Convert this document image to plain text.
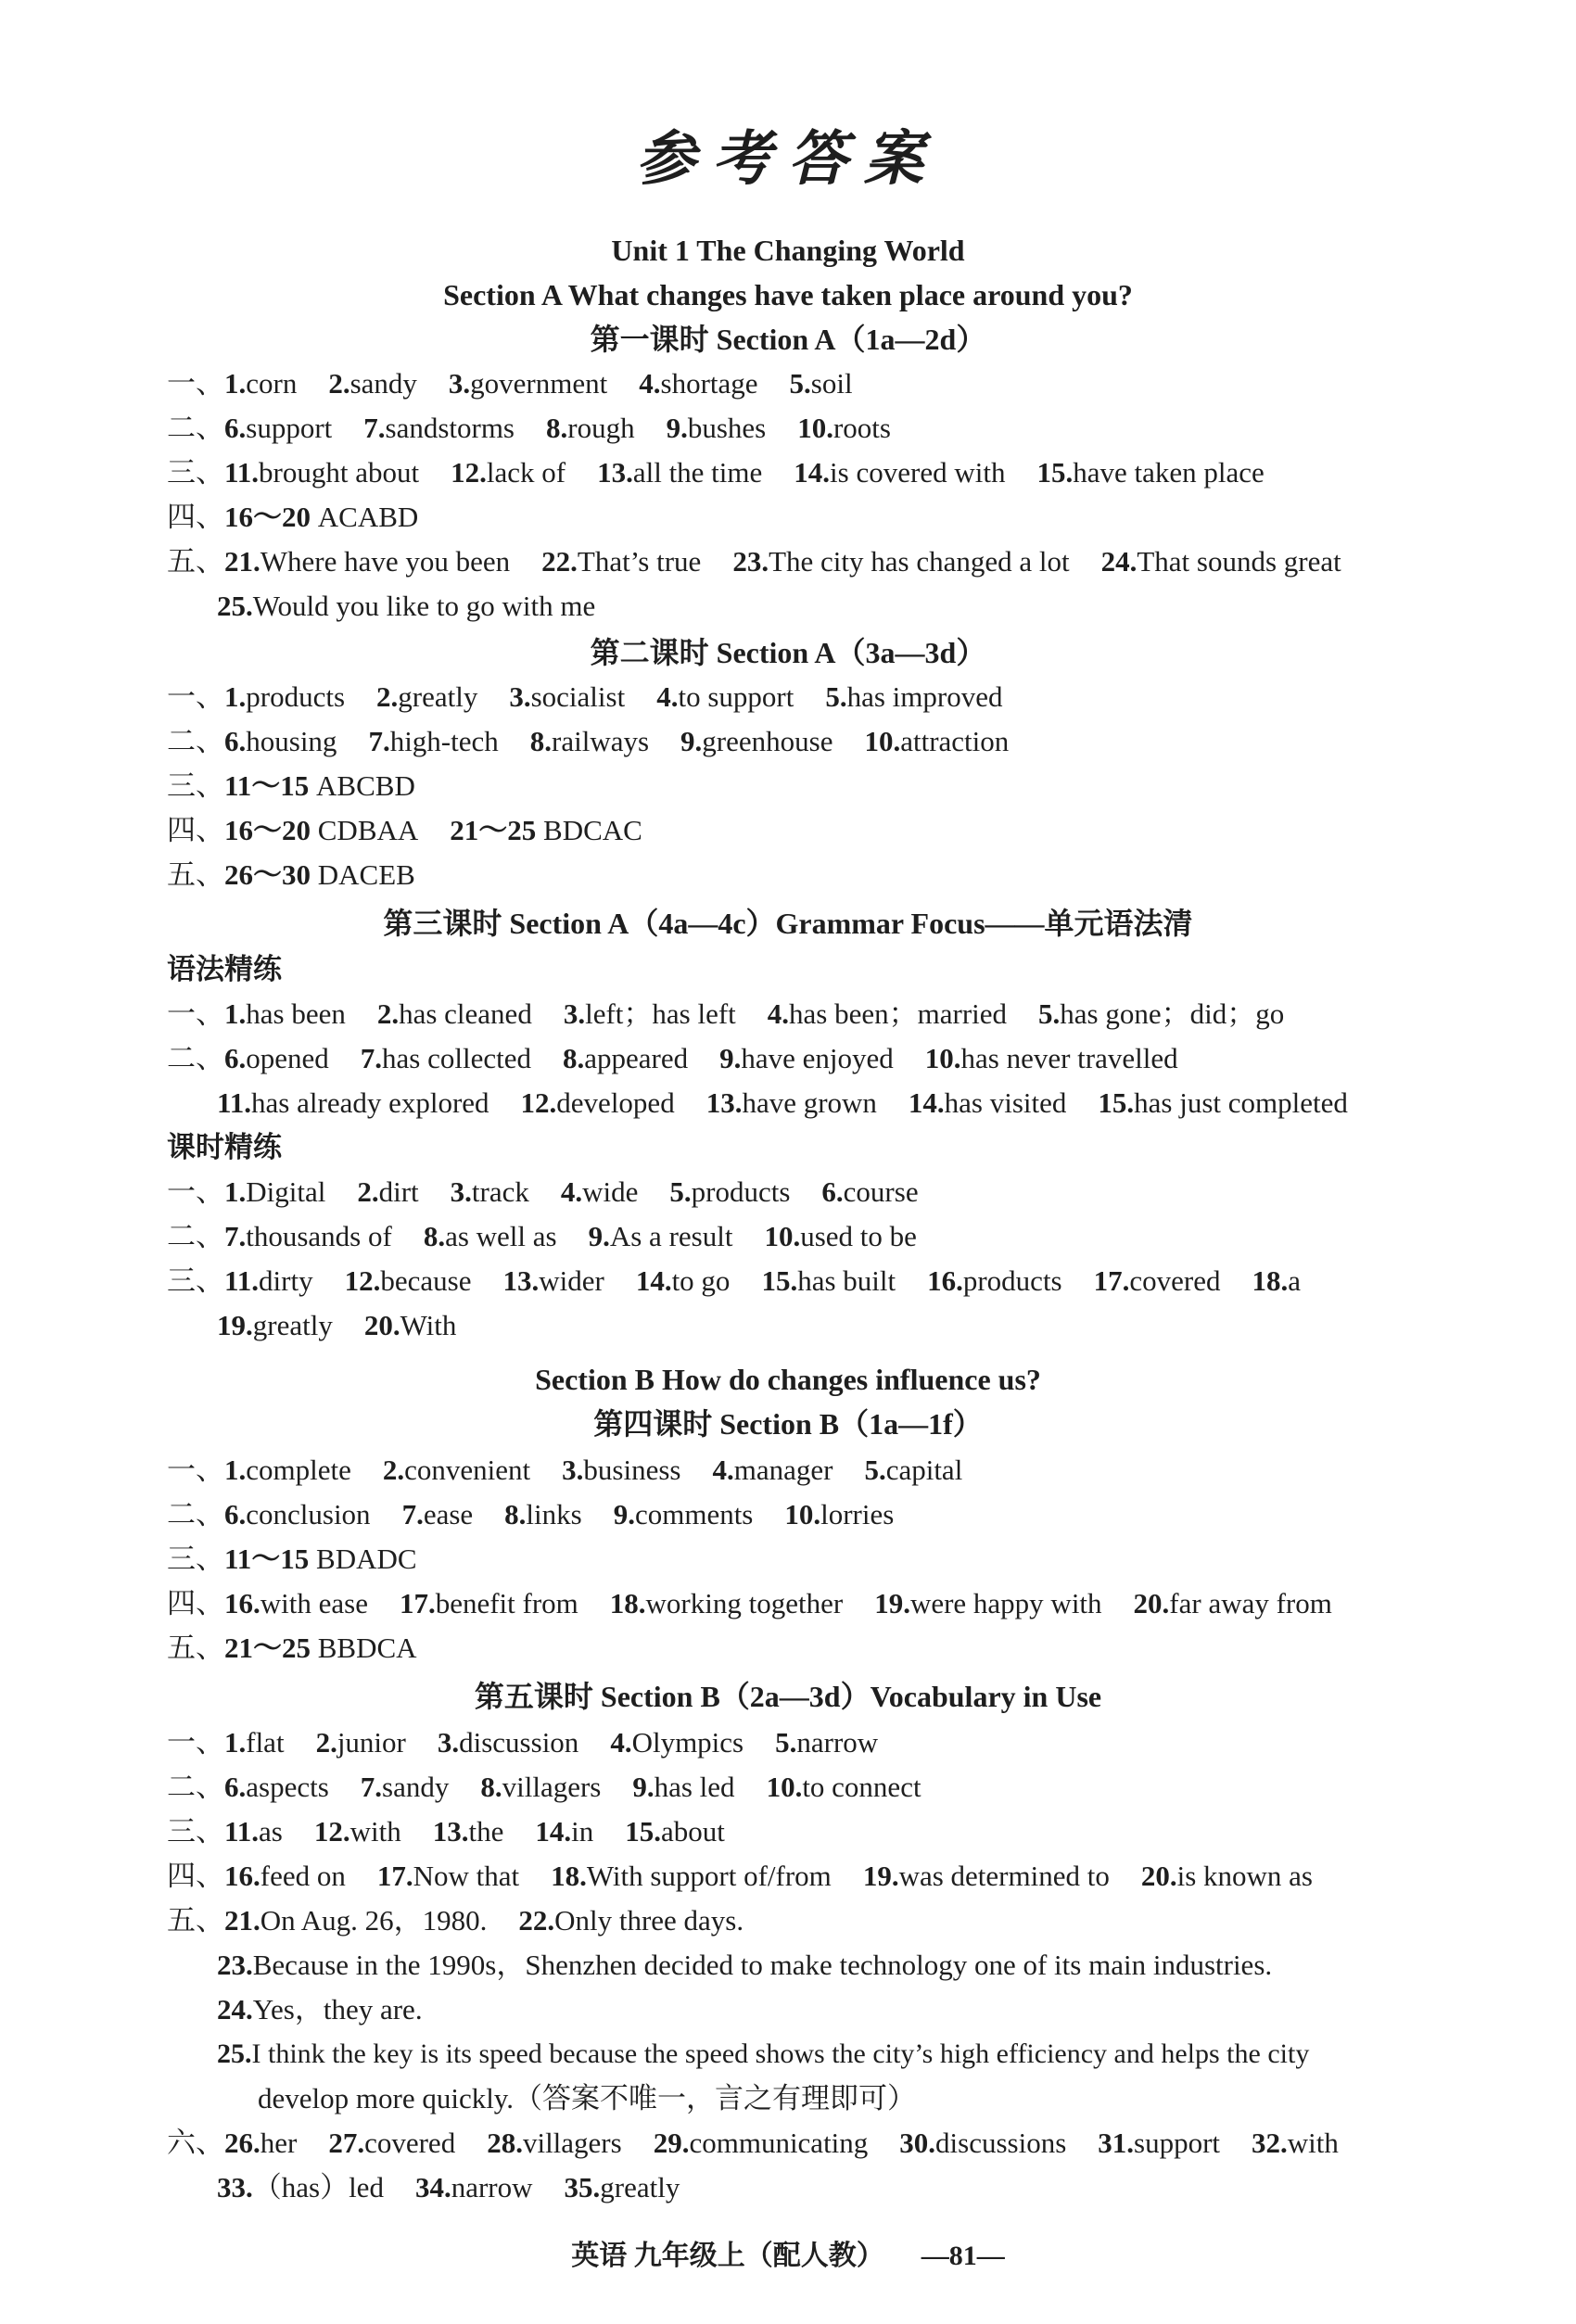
参考答案
Unit 1 The Changing World
Section A What changes have taken place around you?
第一课时 Section A（1a—2d）
一、1.corn 2.sandy 3.government 4.shortage 5.soil
二、6.support 7.sandstorms 8.rough 9.bushes 10.roots
三、11.brought about 12.lack of 13.all the time 14.is covered with 15.have taken place
四、16～20 ACABD
五、21.Where have you been 22.That’s true 23.The city has changed a lot 24.That sounds great
25.Would you like to go with me
第二课时 Section A（3a—3d）
一、1.products 2.greatly 3.socialist 4.to support 5.has improved
二、6.housing 7.high-tech 8.railways 9.greenhouse 10.attraction
三、11～15 ABCBD
四、16～20 CDBAA 21～25 BDCAC
五、26～30 DACEB
第三课时 Section A（4a—4c）Grammar Focus——单元语法清
语法精练
一、1.has been 2.has cleaned 3.left；has left 4.has been；married 5.has gone；did；go
二、6.opened 7.has collected 8.appeared 9.have enjoyed 10.has never travelled
11.has already explored 12.developed 13.have grown 14.has visited 15.has just completed
课时精练
一、1.Digital 2.dirt 3.track 4.wide 5.products 6.course
二、7.thousands of 8.as well as 9.As a result 10.used to be
三、11.dirty 12.because 13.wider 14.to go 15.has built 16.products 17.covered 18.a
19.greatly 20.With
Section B How do changes influence us?
第四课时 Section B（1a—1f）
一、1.complete 2.convenient 3.business 4.manager 5.capital
二、6.conclusion 7.ease 8.links 9.comments 10.lorries
三、11～15 BDADC
四、16.with ease 17.benefit from 18.working together 19.were happy with 20.far away from
五、21～25 BBDCA
第五课时 Section B（2a—3d）Vocabulary in Use
一、1.flat 2.junior 3.discussion 4.Olympics 5.narrow
二、6.aspects 7.sandy 8.villagers 9.has led 10.to connect
三、11.as 12.with 13.the 14.in 15.about
四、16.feed on 17.Now that 18.With support of/from 19.was determined to 20.is known as
五、21.On Aug. 26，1980. 22.Only three days.
23.Because in the 1990s，Shenzhen decided to make technology one of its main industries.
24.Yes，they are.
25.I think the key is its speed because the speed shows the city’s high efficiency and helps the city
develop more quickly.（答案不唯一，言之有理即可）
六、26.her 27.covered 28.villagers 29.communicating 30.discussions 31.support 32.with
33.（has）led 34.narrow 35.greatly
英语 九年级上（配人教） —81—
